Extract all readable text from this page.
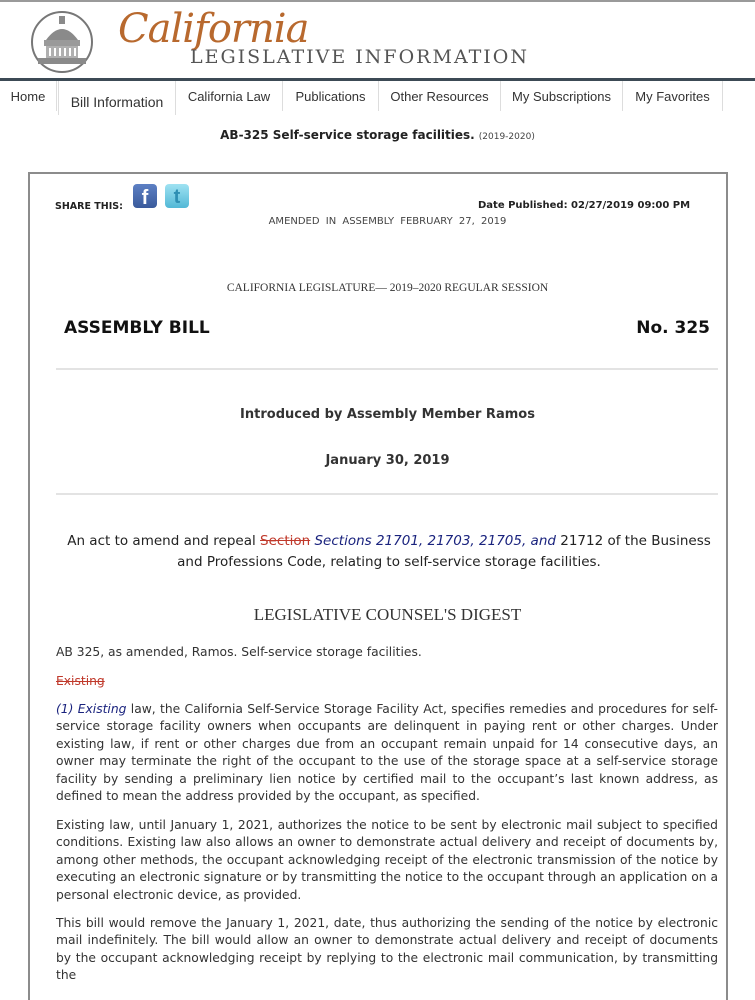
California
LEGISLATIVE INFORMATION
Home	Bill Information	California Law	Publications	Other Resources	My Subscriptions	My Favorites
AB-325 Self-service storage facilities. (2019-2020)
SHARE THIS: f	t	Date Published: 02/27/2019 09:00 PM
AMENDED IN ASSEMBLY FEBRUARY 27, 2019
CALIFORNIA LEGISLATURE— 2019–2020 REGULAR SESSION
ASSEMBLY BILL	No. 325
Introduced by Assembly Member Ramos
January 30, 2019
An act to amend and repeal Section Sections 21701, 21703, 21705, and 21712 of the Business and Professions Code, relating to self-service storage facilities.
LEGISLATIVE COUNSEL'S DIGEST
AB 325, as amended, Ramos. Self-service storage facilities.
Existing
(1) Existing law, the California Self-Service Storage Facility Act, specifies remedies and procedures for self-service storage facility owners when occupants are delinquent in paying rent or other charges. Under existing law, if rent or other charges due from an occupant remain unpaid for 14 consecutive days, an owner may terminate the right of the occupant to the use of the storage space at a self-service storage facility by sending a preliminary lien notice by certified mail to the occupant’s last known address, as defined to mean the address provided by the occupant, as specified.
Existing law, until January 1, 2021, authorizes the notice to be sent by electronic mail subject to specified conditions. Existing law also allows an owner to demonstrate actual delivery and receipt of documents by, among other methods, the occupant acknowledging receipt of the electronic transmission of the notice by executing an electronic signature or by transmitting the notice to the occupant through an application on a personal electronic device, as provided.
This bill would remove the January 1, 2021, date, thus authorizing the sending of the notice by electronic mail indefinitely. The bill would allow an owner to demonstrate actual delivery and receipt of documents by the occupant acknowledging receipt by replying to the electronic mail communication, by transmitting the
